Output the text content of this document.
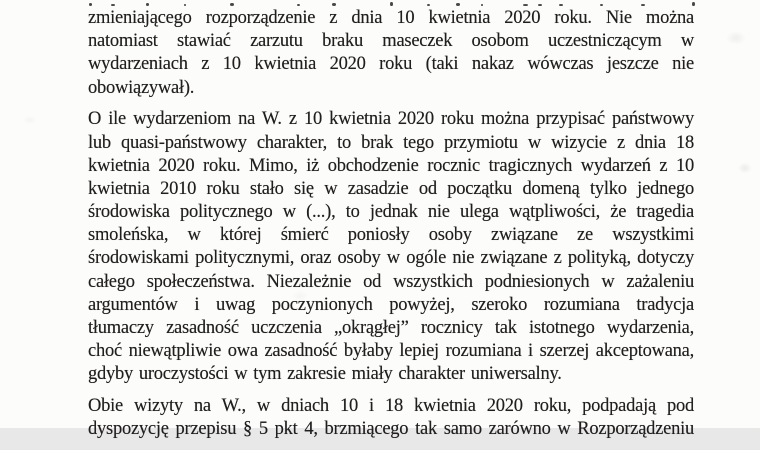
zmieniającego rozporządzenie z dnia 10 kwietnia 2020 roku. Nie można
natomiast stawiać zarzutu braku maseczek osobom uczestniczącym w
wydarzeniach z 10 kwietnia 2020 roku (taki nakaz wówczas jeszcze nie
obowiązywał).
O ile wydarzeniom na W. z 10 kwietnia 2020 roku można przypisać państwowy
lub quasi-państwowy charakter, to brak tego przymiotu w wizycie z dnia 18
kwietnia 2020 roku. Mimo, iż obchodzenie rocznic tragicznych wydarzeń z 10
kwietnia 2010 roku stało się w zasadzie od początku domeną tylko jednego
środowiska politycznego w (...), to jednak nie ulega wątpliwości, że tragedia
smoleńska, w której śmierć poniosły osoby związane ze wszystkimi
środowiskami politycznymi, oraz osoby w ogóle nie związane z polityką, dotyczy
całego społeczeństwa. Niezależnie od wszystkich podniesionych w zażaleniu
argumentów i uwag poczynionych powyżej, szeroko rozumiana tradycja
tłumaczy zasadność uczczenia „okrągłej” rocznicy tak istotnego wydarzenia,
choć niewątpliwie owa zasadność byłaby lepiej rozumiana i szerzej akceptowana,
gdyby uroczystości w tym zakresie miały charakter uniwersalny.
Obie wizyty na W., w dniach 10 i 18 kwietnia 2020 roku, podpadają pod
dyspozycję przepisu § 5 pkt 4, brzmiącego tak samo zarówno w Rozporządzeniu
